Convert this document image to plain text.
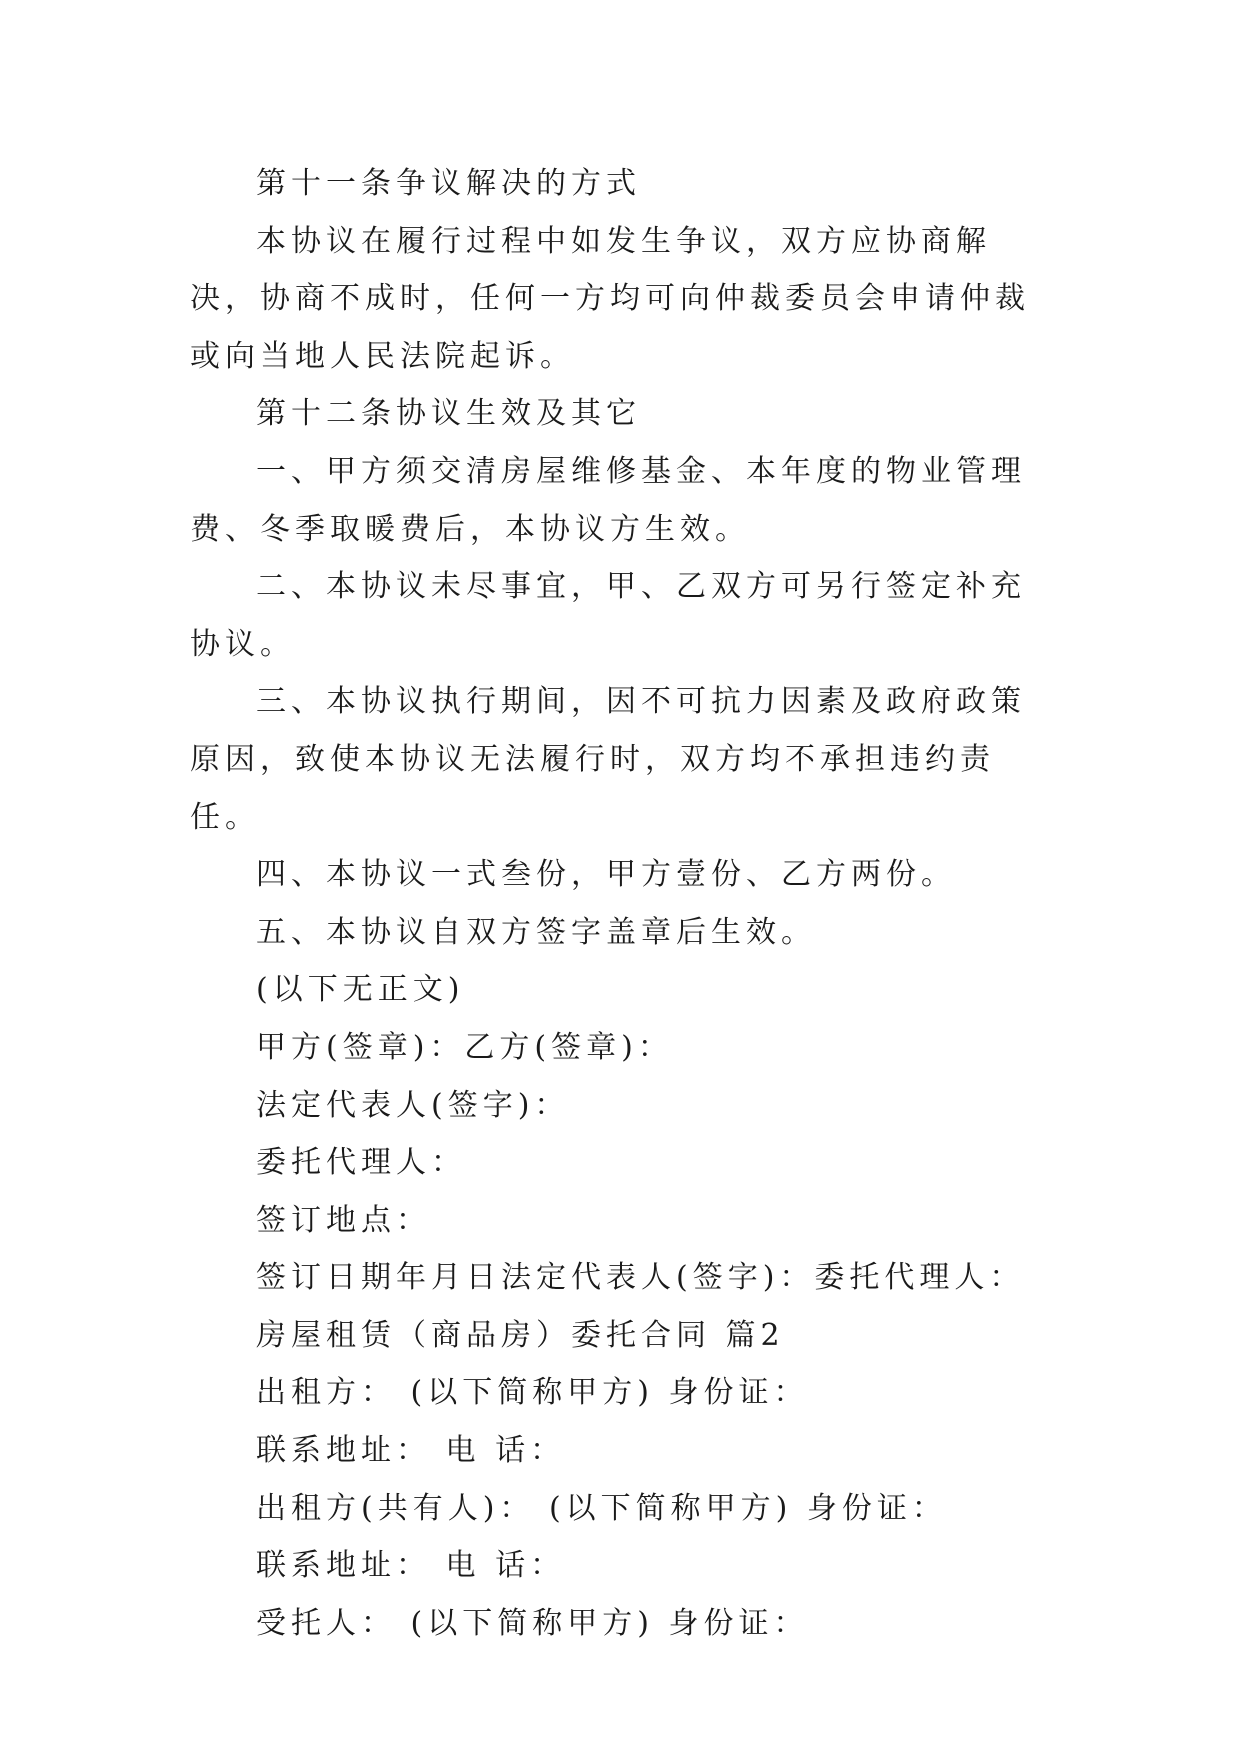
第十一条争议解决的方式

本协议在履行过程中如发生争议，双方应协商解决，协商不成时，任何一方均可向仲裁委员会申请仲裁或向当地人民法院起诉。

第十二条协议生效及其它

一、甲方须交清房屋维修基金、本年度的物业管理费、冬季取暖费后，本协议方生效。

二、本协议未尽事宜，甲、乙双方可另行签定补充协议。

三、本协议执行期间，因不可抗力因素及政府政策原因，致使本协议无法履行时，双方均不承担违约责任。

四、本协议一式叁份，甲方壹份、乙方两份。

五、本协议自双方签字盖章后生效。

(以下无正文)

甲方(签章)：乙方(签章)：

法定代表人(签字)：

委托代理人：

签订地点：

签订日期年月日法定代表人(签字)：委托代理人：

房屋租赁（商品房）委托合同 篇2

出租方： (以下简称甲方) 身份证：

联系地址： 电 话：

出租方(共有人)： (以下简称甲方) 身份证：

联系地址： 电 话：

受托人： (以下简称甲方) 身份证：
